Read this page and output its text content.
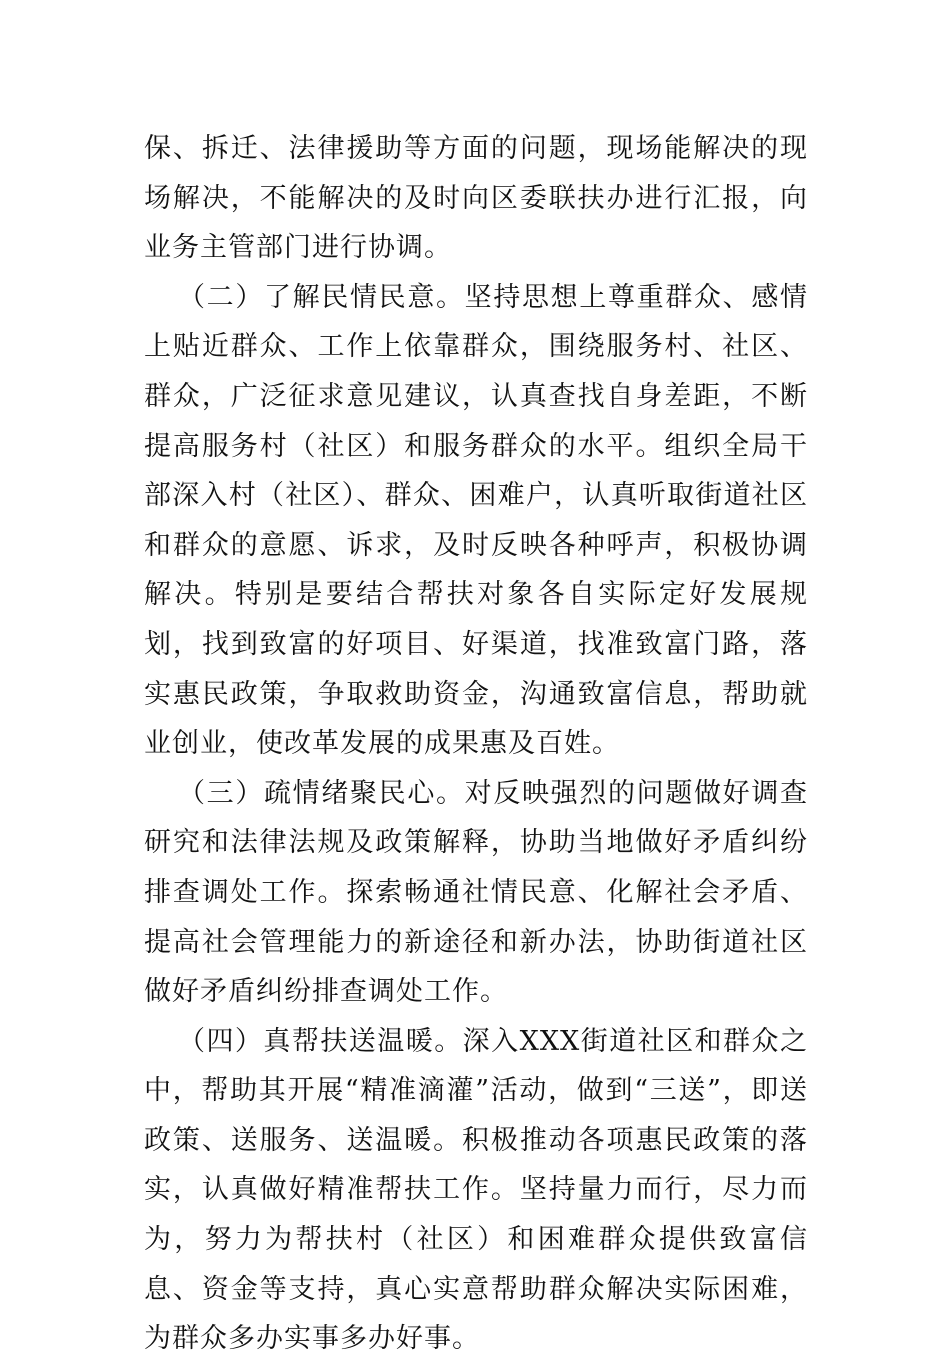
保、拆迁、法律援助等方面的问题，现场能解决的现场解决，不能解决的及时向区委联扶办进行汇报，向业务主管部门进行协调。

（二）了解民情民意。坚持思想上尊重群众、感情上贴近群众、工作上依靠群众，围绕服务村、社区、群众，广泛征求意见建议，认真查找自身差距，不断提高服务村（社区）和服务群众的水平。组织全局干部深入村（社区）、群众、困难户，认真听取街道社区和群众的意愿、诉求，及时反映各种呼声，积极协调解决。特别是要结合帮扶对象各自实际定好发展规划，找到致富的好项目、好渠道，找准致富门路，落实惠民政策，争取救助资金，沟通致富信息，帮助就业创业，使改革发展的成果惠及百姓。

（三）疏情绪聚民心。对反映强烈的问题做好调查研究和法律法规及政策解释，协助当地做好矛盾纠纷排查调处工作。探索畅通社情民意、化解社会矛盾、提高社会管理能力的新途径和新办法，协助街道社区做好矛盾纠纷排查调处工作。

（四）真帮扶送温暖。深入XXX街道社区和群众之中，帮助其开展“精准滴灌”活动，做到“三送”，即送政策、送服务、送温暖。积极推动各项惠民政策的落实，认真做好精准帮扶工作。坚持量力而行，尽力而为，努力为帮扶村（社区）和困难群众提供致富信息、资金等支持，真心实意帮助群众解决实际困难，为群众多办实事多办好事。
